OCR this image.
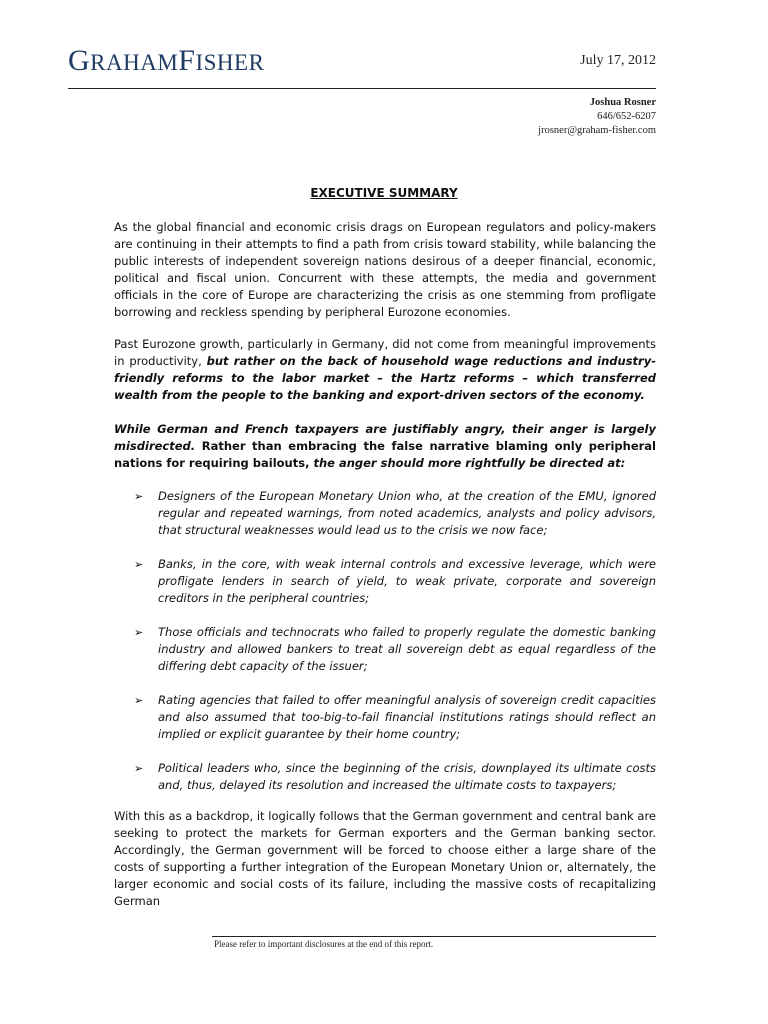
GRAHAMFISHER	July 17, 2012
Joshua Rosner
646/652-6207
jrosner@graham-fisher.com
EXECUTIVE SUMMARY

As the global financial and economic crisis drags on European regulators and policy-makers are continuing in their attempts to find a path from crisis toward stability, while balancing the public interests of independent sovereign nations desirous of a deeper financial, economic, political and fiscal union. Concurrent with these attempts, the media and government officials in the core of Europe are characterizing the crisis as one stemming from profligate borrowing and reckless spending by peripheral Eurozone economies.

Past Eurozone growth, particularly in Germany, did not come from meaningful improvements in productivity, but rather on the back of household wage reductions and industry-friendly reforms to the labor market – the Hartz reforms – which transferred wealth from the people to the banking and export-driven sectors of the economy.

While German and French taxpayers are justifiably angry, their anger is largely misdirected. Rather than embracing the false narrative blaming only peripheral nations for requiring bailouts, the anger should more rightfully be directed at:

➢ Designers of the European Monetary Union who, at the creation of the EMU, ignored regular and repeated warnings, from noted academics, analysts and policy advisors, that structural weaknesses would lead us to the crisis we now face;
➢ Banks, in the core, with weak internal controls and excessive leverage, which were profligate lenders in search of yield, to weak private, corporate and sovereign creditors in the peripheral countries;
➢ Those officials and technocrats who failed to properly regulate the domestic banking industry and allowed bankers to treat all sovereign debt as equal regardless of the differing debt capacity of the issuer;
➢ Rating agencies that failed to offer meaningful analysis of sovereign credit capacities and also assumed that too-big-to-fail financial institutions ratings should reflect an implied or explicit guarantee by their home country;
➢ Political leaders who, since the beginning of the crisis, downplayed its ultimate costs and, thus, delayed its resolution and increased the ultimate costs to taxpayers;

With this as a backdrop, it logically follows that the German government and central bank are seeking to protect the markets for German exporters and the German banking sector. Accordingly, the German government will be forced to choose either a large share of the costs of supporting a further integration of the European Monetary Union or, alternately, the larger economic and social costs of its failure, including the massive costs of recapitalizing German

Please refer to important disclosures at the end of this report.
